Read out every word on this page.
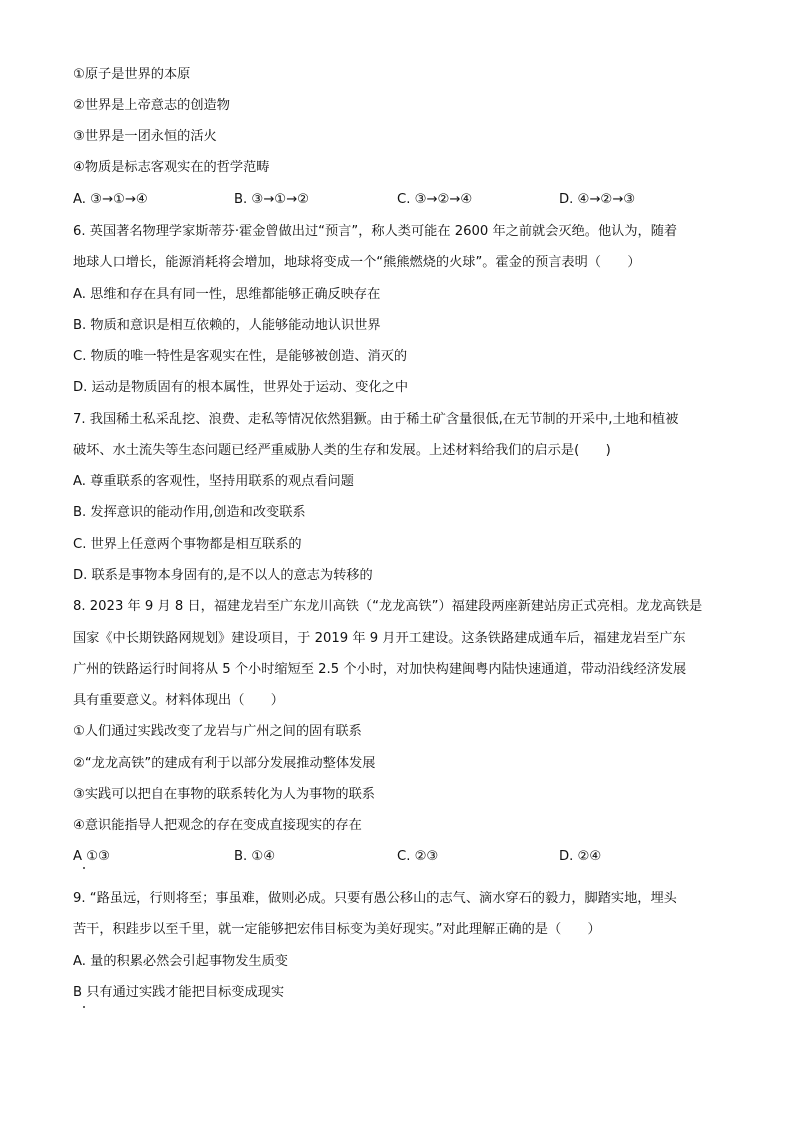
①原子是世界的本原
②世界是上帝意志的创造物
③世界是一团永恒的活火
④物质是标志客观实在的哲学范畴
A. ③→①→④	B. ③→①→②	C. ③→②→④	D. ④→②→③
6. 英国著名物理学家斯蒂芬·霍金曾做出过“预言”，称人类可能在 2600 年之前就会灭绝。他认为，随着
地球人口增长，能源消耗将会增加，地球将变成一个“熊熊燃烧的火球”。霍金的预言表明（　　）
A. 思维和存在具有同一性，思维都能够正确反映存在
B. 物质和意识是相互依赖的，人能够能动地认识世界
C. 物质的唯一特性是客观实在性，是能够被创造、消灭的
D. 运动是物质固有的根本属性，世界处于运动、变化之中
7. 我国稀土私采乱挖、浪费、走私等情况依然猖獗。由于稀土矿含量很低,在无节制的开采中,土地和植被
破坏、水土流失等生态问题已经严重威胁人类的生存和发展。上述材料给我们的启示是(　　)
A. 尊重联系的客观性，坚持用联系的观点看问题
B. 发挥意识的能动作用,创造和改变联系
C. 世界上任意两个事物都是相互联系的
D. 联系是事物本身固有的,是不以人的意志为转移的
8. 2023 年 9 月 8 日，福建龙岩至广东龙川高铁（“龙龙高铁”）福建段两座新建站房正式亮相。龙龙高铁是
国家《中长期铁路网规划》建设项目，于 2019 年 9 月开工建设。这条铁路建成通车后，福建龙岩至广东
广州的铁路运行时间将从 5 个小时缩短至 2.5 个小时，对加快构建闽粤内陆快速通道，带动沿线经济发展
具有重要意义。材料体现出（　　）
①人们通过实践改变了龙岩与广州之间的固有联系
②“龙龙高铁”的建成有利于以部分发展推动整体发展
③实践可以把自在事物的联系转化为人为事物的联系
④意识能指导人把观念的存在变成直接现实的存在
A ①③	B. ①④	C. ②③	D. ②④
9. “路虽远，行则将至；事虽难，做则必成。只要有愚公移山的志气、滴水穿石的毅力，脚踏实地，埋头
苦干，积跬步以至千里，就一定能够把宏伟目标变为美好现实。”对此理解正确的是（　　）
A. 量的积累必然会引起事物发生质变
B 只有通过实践才能把目标变成现实
